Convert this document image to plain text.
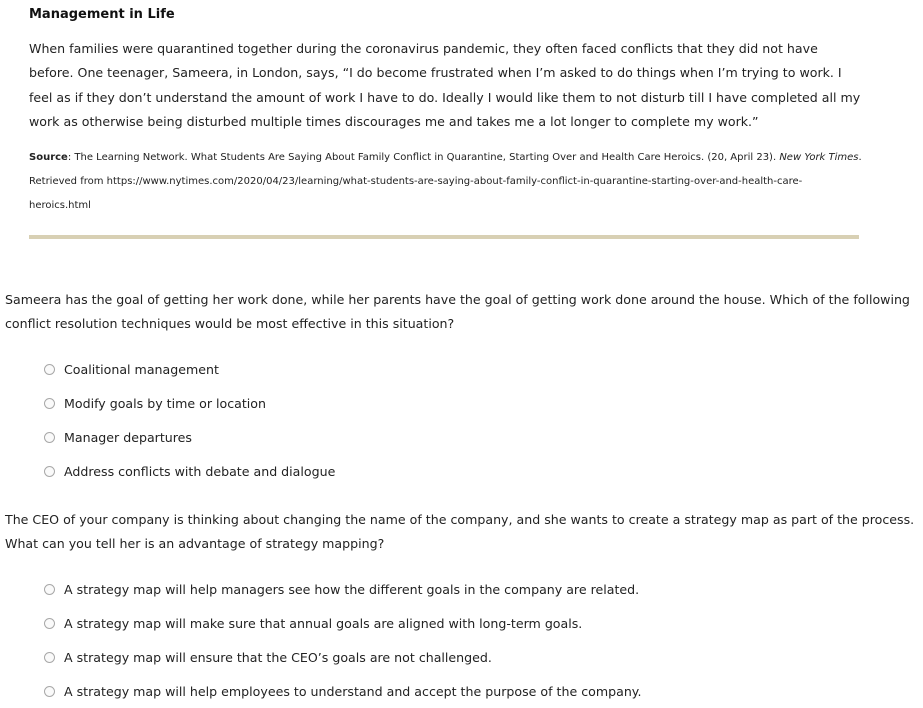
Management in Life

When families were quarantined together during the coronavirus pandemic, they often faced conflicts that they did not have before. One teenager, Sameera, in London, says, “I do become frustrated when I’m asked to do things when I’m trying to work. I feel as if they don’t understand the amount of work I have to do. Ideally I would like them to not disturb till I have completed all my work as otherwise being disturbed multiple times discourages me and takes me a lot longer to complete my work.”

Source: The Learning Network. What Students Are Saying About Family Conflict in Quarantine, Starting Over and Health Care Heroics. (20, April 23). New York Times. Retrieved from https://www.nytimes.com/2020/04/23/learning/what-students-are-saying-about-family-conflict-in-quarantine-starting-over-and-health-care-heroics.html

Sameera has the goal of getting her work done, while her parents have the goal of getting work done around the house. Which of the following conflict resolution techniques would be most effective in this situation?

Coalitional management
Modify goals by time or location
Manager departures
Address conflicts with debate and dialogue

The CEO of your company is thinking about changing the name of the company, and she wants to create a strategy map as part of the process. What can you tell her is an advantage of strategy mapping?

A strategy map will help managers see how the different goals in the company are related.
A strategy map will make sure that annual goals are aligned with long-term goals.
A strategy map will ensure that the CEO’s goals are not challenged.
A strategy map will help employees to understand and accept the purpose of the company.
